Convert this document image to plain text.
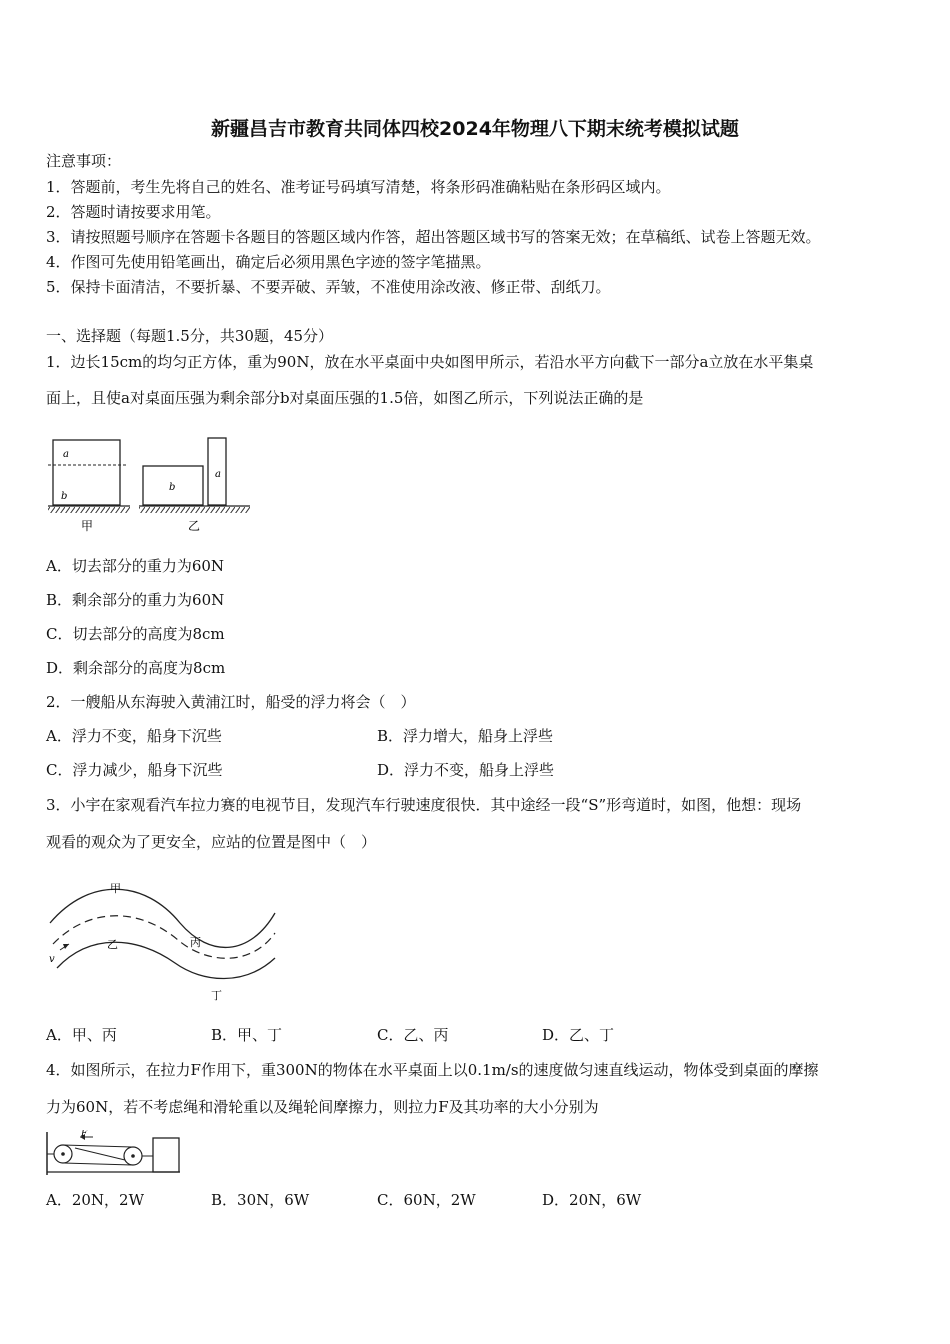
新疆昌吉市教育共同体四校2024年物理八下期末统考模拟试题
注意事项：
1．答题前，考生先将自己的姓名、准考证号码填写清楚，将条形码准确粘贴在条形码区域内。
2．答题时请按要求用笔。
3．请按照题号顺序在答题卡各题目的答题区域内作答，超出答题区域书写的答案无效；在草稿纸、试卷上答题无效。
4．作图可先使用铅笔画出，确定后必须用黑色字迹的签字笔描黑。
5．保持卡面清洁，不要折暴、不要弄破、弄皱，不准使用涂改液、修正带、刮纸刀。
一、选择题（每题1.5分，共30题，45分）
1．边长15cm的均匀正方体，重为90N，放在水平桌面中央如图甲所示，若沿水平方向截下一部分a立放在水平集桌
面上，且使a对桌面压强为剩余部分b对桌面压强的1.5倍，如图乙所示，下列说法正确的是
a
b
b
a
甲	乙
A．切去部分的重力为60N
B．剩余部分的重力为60N
C．切去部分的高度为8cm
D．剩余部分的高度为8cm
2．一艘船从东海驶入黄浦江时，船受的浮力将会（　）
A．浮力不变，船身下沉些	B．浮力增大，船身上浮些
C．浮力减少，船身下沉些	D．浮力不变，船身上浮些
3．小宇在家观看汽车拉力赛的电视节目，发现汽车行驶速度很快．其中途经一段“S”形弯道时，如图，他想：现场
观看的观众为了更安全，应站的位置是图中（　）
v
甲
乙	丙
丁
A．甲、丙	B．甲、丁	C．乙、丙	D．乙、丁
4．如图所示，在拉力F作用下，重300N的物体在水平桌面上以0.1m/s的速度做匀速直线运动，物体受到桌面的摩擦
力为60N，若不考虑绳和滑轮重以及绳轮间摩擦力，则拉力F及其功率的大小分别为
F
A．20N，2W	B．30N，6W	C．60N，2W	D．20N，6W
